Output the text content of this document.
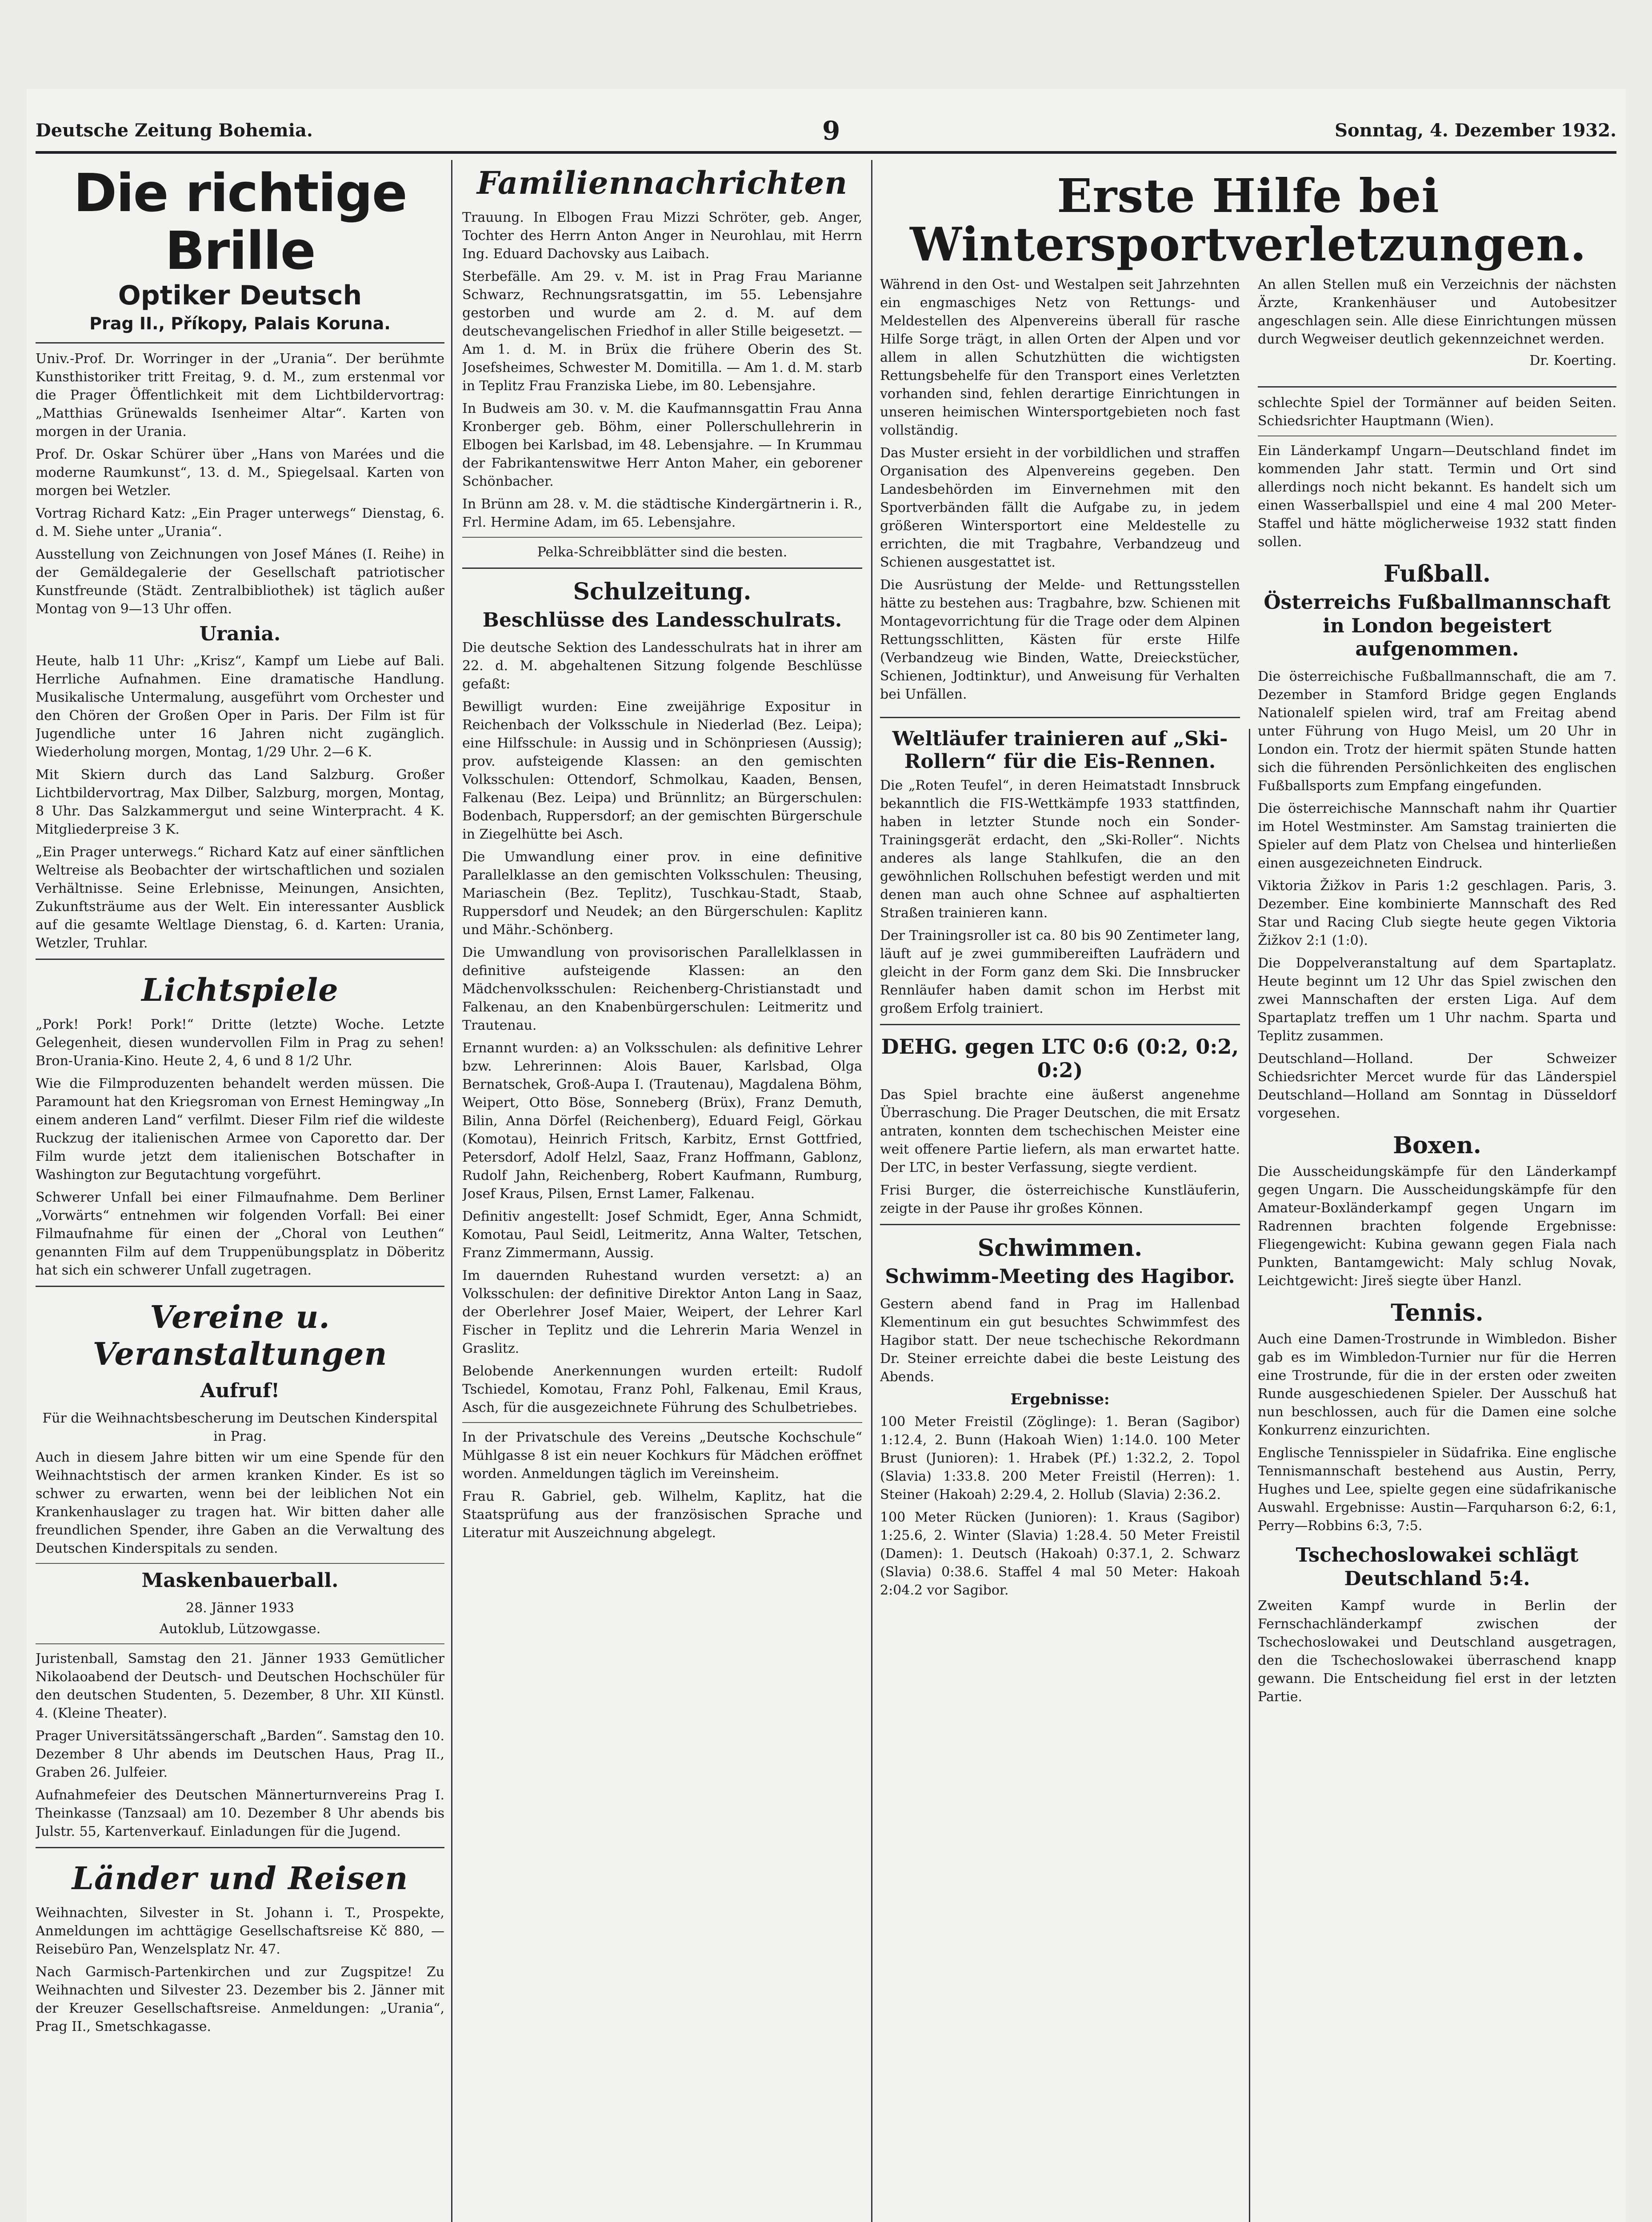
Deutsche Zeitung Bohemia.	9	Sonntag, 4. Dezember 1932.
Die richtige Brille

Optiker Deutsch

Prag II., Příkopy, Palais Koruna.

Univ.-Prof. Dr. Worringer in der „Urania“. Der berühmte Kunsthistoriker tritt Freitag, 9. d. M., zum erstenmal vor die Prager Öffentlichkeit mit dem Lichtbildervortrag: „Matthias Grünewalds Isenheimer Altar“. Karten von morgen in der Urania.

Prof. Dr. Oskar Schürer über „Hans von Marées und die moderne Raumkunst“, 13. d. M., Spiegelsaal. Karten von morgen bei Wetzler.

Vortrag Richard Katz: „Ein Prager unterwegs“ Dienstag, 6. d. M. Siehe unter „Urania“.

Ausstellung von Zeichnungen von Josef Mánes (I. Reihe) in der Gemäldegalerie der Gesellschaft patriotischer Kunstfreunde (Städt. Zentralbibliothek) ist täglich außer Montag von 9—13 Uhr offen.

Urania.

Heute, halb 11 Uhr: „Krisz“, Kampf um Liebe auf Bali. Herrliche Aufnahmen. Eine dramatische Handlung. Musikalische Untermalung, ausgeführt vom Orchester und den Chören der Großen Oper in Paris. Der Film ist für Jugendliche unter 16 Jahren nicht zugänglich. Wiederholung morgen, Montag, 1/29 Uhr. 2—6 K.

Mit Skiern durch das Land Salzburg. Großer Lichtbildervortrag, Max Dilber, Salzburg, morgen, Montag, 8 Uhr. Das Salzkammergut und seine Winterpracht. 4 K. Mitgliederpreise 3 K.

„Ein Prager unterwegs.“ Richard Katz auf einer sänftlichen Weltreise als Beobachter der wirtschaftlichen und sozialen Verhältnisse. Seine Erlebnisse, Meinungen, Ansichten, Zukunftsträume aus der Welt. Ein interessanter Ausblick auf die gesamte Weltlage Dienstag, 6. d. Karten: Urania, Wetzler, Truhlar.

Lichtspiele

„Pork! Pork! Pork!“ Dritte (letzte) Woche. Letzte Gelegenheit, diesen wundervollen Film in Prag zu sehen! Bron-Urania-Kino. Heute 2, 4, 6 und 8 1/2 Uhr.

Wie die Filmproduzenten behandelt werden müssen. Die Paramount hat den Kriegsroman von Ernest Hemingway „In einem anderen Land“ verfilmt. Dieser Film rief die wildeste Ruckzug der italienischen Armee von Caporetto dar. Der Film wurde jetzt dem italienischen Botschafter in Washington zur Begutachtung vorgeführt.

Schwerer Unfall bei einer Filmaufnahme. Dem Berliner „Vorwärts“ entnehmen wir folgenden Vorfall: Bei einer Filmaufnahme für einen der „Choral von Leuthen“ genannten Film auf dem Truppenübungsplatz in Döberitz hat sich ein schwerer Unfall zugetragen.

Vereine u. Veranstaltungen
Aufruf!

Für die Weihnachtsbescherung im Deutschen Kinderspital in Prag.

Auch in diesem Jahre bitten wir um eine Spende für den Weihnachtstisch der armen kranken Kinder. Es ist so schwer zu erwarten, wenn bei der leiblichen Not ein Krankenhauslager zu tragen hat. Wir bitten daher alle freundlichen Spender, ihre Gaben an die Verwaltung des Deutschen Kinderspitals zu senden.

Maskenbauerball.

28. Jänner 1933

Autoklub, Lützowgasse.

Juristenball, Samstag den 21. Jänner 1933 Gemütlicher Nikolaoabend der Deutsch- und Deutschen Hochschüler für den deutschen Studenten, 5. Dezember, 8 Uhr. XII Künstl. 4. (Kleine Theater).

Prager Universitätssängerschaft „Barden“. Samstag den 10. Dezember 8 Uhr abends im Deutschen Haus, Prag II., Graben 26. Julfeier.

Aufnahmefeier des Deutschen Männerturnvereins Prag I. Theinkasse (Tanzsaal) am 10. Dezember 8 Uhr abends bis Julstr. 55, Kartenverkauf. Einladungen für die Jugend.

Länder und Reisen

Weihnachten, Silvester in St. Johann i. T., Prospekte, Anmeldungen im achttägige Gesellschaftsreise Kč 880, — Reisebüro Pan, Wenzelsplatz Nr. 47.

Nach Garmisch-Partenkirchen und zur Zugspitze! Zu Weihnachten und Silvester 23. Dezember bis 2. Jänner mit der Kreuzer Gesellschaftsreise. Anmeldungen: „Urania“, Prag II., Smetschkagasse.

Erste Hilfe bei Wintersportverletzungen.
Familiennachrichten

Trauung. In Elbogen Frau Mizzi Schröter, geb. Anger, Tochter des Herrn Anton Anger in Neurohlau, mit Herrn Ing. Eduard Dachovsky aus Laibach.

Sterbefälle. Am 29. v. M. ist in Prag Frau Marianne Schwarz, Rechnungsratsgattin, im 55. Lebensjahre gestorben und wurde am 2. d. M. auf dem deutschevangelischen Friedhof in aller Stille beigesetzt. — Am 1. d. M. in Brüx die frühere Oberin des St. Josefsheimes, Schwester M. Domitilla. — Am 1. d. M. starb in Teplitz Frau Franziska Liebe, im 80. Lebensjahre.

In Budweis am 30. v. M. die Kaufmannsgattin Frau Anna Kronberger geb. Böhm, einer Pollerschullehrerin in Elbogen bei Karlsbad, im 48. Lebensjahre. — In Krummau der Fabrikantenswitwe Herr Anton Maher, ein geborener Schönbacher.

In Brünn am 28. v. M. die städtische Kindergärtnerin i. R., Frl. Hermine Adam, im 65. Lebensjahre.

Pelka-Schreibblätter sind die besten.

Schulzeitung.
Beschlüsse des Landesschulrats.

Die deutsche Sektion des Landesschulrats hat in ihrer am 22. d. M. abgehaltenen Sitzung folgende Beschlüsse gefaßt:

Bewilligt wurden: Eine zweijährige Expositur in Reichenbach der Volksschule in Niederlad (Bez. Leipa); eine Hilfsschule: in Aussig und in Schönpriesen (Aussig); prov. aufsteigende Klassen: an den gemischten Volksschulen: Ottendorf, Schmolkau, Kaaden, Bensen, Falkenau (Bez. Leipa) und Brünnlitz; an Bürgerschulen: Bodenbach, Ruppersdorf; an der gemischten Bürgerschule in Ziegelhütte bei Asch.

Die Umwandlung einer prov. in eine definitive Parallelklasse an den gemischten Volksschulen: Theusing, Mariaschein (Bez. Teplitz), Tuschkau-Stadt, Staab, Ruppersdorf und Neudek; an den Bürgerschulen: Kaplitz und Mähr.-Schönberg.

Die Umwandlung von provisorischen Parallelklassen in definitive aufsteigende Klassen: an den Mädchenvolksschulen: Reichenberg-Christianstadt und Falkenau, an den Knabenbürgerschulen: Leitmeritz und Trautenau.

Ernannt wurden: a) an Volksschulen: als definitive Lehrer bzw. Lehrerinnen: Alois Bauer, Karlsbad, Olga Bernatschek, Groß-Aupa I. (Trautenau), Magdalena Böhm, Weipert, Otto Böse, Sonneberg (Brüx), Franz Demuth, Bilin, Anna Dörfel (Reichenberg), Eduard Feigl, Görkau (Komotau), Heinrich Fritsch, Karbitz, Ernst Gottfried, Petersdorf, Adolf Helzl, Saaz, Franz Hoffmann, Gablonz, Rudolf Jahn, Reichenberg, Robert Kaufmann, Rumburg, Josef Kraus, Pilsen, Ernst Lamer, Falkenau.

Definitiv angestellt: Josef Schmidt, Eger, Anna Schmidt, Komotau, Paul Seidl, Leitmeritz, Anna Walter, Tetschen, Franz Zimmermann, Aussig.

Im dauernden Ruhestand wurden versetzt: a) an Volksschulen: der definitive Direktor Anton Lang in Saaz, der Oberlehrer Josef Maier, Weipert, der Lehrer Karl Fischer in Teplitz und die Lehrerin Maria Wenzel in Graslitz.

Belobende Anerkennungen wurden erteilt: Rudolf Tschiedel, Komotau, Franz Pohl, Falkenau, Emil Kraus, Asch, für die ausgezeichnete Führung des Schulbetriebes.

In der Privatschule des Vereins „Deutsche Kochschule“ Mühlgasse 8 ist ein neuer Kochkurs für Mädchen eröffnet worden. Anmeldungen täglich im Vereinsheim.

Frau R. Gabriel, geb. Wilhelm, Kaplitz, hat die Staatsprüfung aus der französischen Sprache und Literatur mit Auszeichnung abgelegt.

Während in den Ost- und Westalpen seit Jahrzehnten ein engmaschiges Netz von Rettungs- und Meldestellen des Alpenvereins überall für rasche Hilfe Sorge trägt, in allen Orten der Alpen und vor allem in allen Schutzhütten die wichtigsten Rettungsbehelfe für den Transport eines Verletzten vorhanden sind, fehlen derartige Einrichtungen in unseren heimischen Wintersportgebieten noch fast vollständig.

Das Muster ersieht in der vorbildlichen und straffen Organisation des Alpenvereins gegeben. Den Landesbehörden im Einvernehmen mit den Sportverbänden fällt die Aufgabe zu, in jedem größeren Wintersportort eine Meldestelle zu errichten, die mit Tragbahre, Verbandzeug und Schienen ausgestattet ist.

Die Ausrüstung der Melde- und Rettungsstellen hätte zu bestehen aus: Tragbahre, bzw. Schienen mit Montagevorrichtung für die Trage oder dem Alpinen Rettungsschlitten, Kästen für erste Hilfe (Verbandzeug wie Binden, Watte, Dreieckstücher, Schienen, Jodtinktur), und Anweisung für Verhalten bei Unfällen.

Weltläufer trainieren auf „Ski-Rollern“ für die Eis-Rennen.

Die „Roten Teufel“, in deren Heimatstadt Innsbruck bekanntlich die FIS-Wettkämpfe 1933 stattfinden, haben in letzter Stunde noch ein Sonder-Trainingsgerät erdacht, den „Ski-Roller“. Nichts anderes als lange Stahlkufen, die an den gewöhnlichen Rollschuhen befestigt werden und mit denen man auch ohne Schnee auf asphaltierten Straßen trainieren kann.

Der Trainingsroller ist ca. 80 bis 90 Zentimeter lang, läuft auf je zwei gummibereiften Laufrädern und gleicht in der Form ganz dem Ski. Die Innsbrucker Rennläufer haben damit schon im Herbst mit großem Erfolg trainiert.

DEHG. gegen LTC 0:6 (0:2, 0:2, 0:2)

Das Spiel brachte eine äußerst angenehme Überraschung. Die Prager Deutschen, die mit Ersatz antraten, konnten dem tschechischen Meister eine weit offenere Partie liefern, als man erwartet hatte. Der LTC, in bester Verfassung, siegte verdient.

Frisi Burger, die österreichische Kunstläuferin, zeigte in der Pause ihr großes Können.

Schwimmen.
Schwimm-Meeting des Hagibor.

Gestern abend fand in Prag im Hallenbad Klementinum ein gut besuchtes Schwimmfest des Hagibor statt. Der neue tschechische Rekordmann Dr. Steiner erreichte dabei die beste Leistung des Abends.

Ergebnisse:

100 Meter Freistil (Zöglinge): 1. Beran (Sagibor) 1:12.4, 2. Bunn (Hakoah Wien) 1:14.0. 100 Meter Brust (Junioren): 1. Hrabek (Pf.) 1:32.2, 2. Topol (Slavia) 1:33.8. 200 Meter Freistil (Herren): 1. Steiner (Hakoah) 2:29.4, 2. Hollub (Slavia) 2:36.2.

100 Meter Rücken (Junioren): 1. Kraus (Sagibor) 1:25.6, 2. Winter (Slavia) 1:28.4. 50 Meter Freistil (Damen): 1. Deutsch (Hakoah) 0:37.1, 2. Schwarz (Slavia) 0:38.6. Staffel 4 mal 50 Meter: Hakoah 2:04.2 vor Sagibor.

An allen Stellen muß ein Verzeichnis der nächsten Ärzte, Krankenhäuser und Autobesitzer angeschlagen sein. Alle diese Einrichtungen müssen durch Wegweiser deutlich gekennzeichnet werden.

Dr. Koerting.

schlechte Spiel der Tormänner auf beiden Seiten. Schiedsrichter Hauptmann (Wien).

Ein Länderkampf Ungarn—Deutschland findet im kommenden Jahr statt. Termin und Ort sind allerdings noch nicht bekannt. Es handelt sich um einen Wasserballspiel und eine 4 mal 200 Meter-Staffel und hätte möglicherweise 1932 statt finden sollen.

Fußball.
Österreichs Fußballmannschaft in London begeistert aufgenommen.

Die österreichische Fußballmannschaft, die am 7. Dezember in Stamford Bridge gegen Englands Nationalelf spielen wird, traf am Freitag abend unter Führung von Hugo Meisl, um 20 Uhr in London ein. Trotz der hiermit späten Stunde hatten sich die führenden Persönlichkeiten des englischen Fußballsports zum Empfang eingefunden.

Die österreichische Mannschaft nahm ihr Quartier im Hotel Westminster. Am Samstag trainierten die Spieler auf dem Platz von Chelsea und hinterließen einen ausgezeichneten Eindruck.

Viktoria Žižkov in Paris 1:2 geschlagen. Paris, 3. Dezember. Eine kombinierte Mannschaft des Red Star und Racing Club siegte heute gegen Viktoria Žižkov 2:1 (1:0).

Die Doppelveranstaltung auf dem Spartaplatz. Heute beginnt um 12 Uhr das Spiel zwischen den zwei Mannschaften der ersten Liga. Auf dem Spartaplatz treffen um 1 Uhr nachm. Sparta und Teplitz zusammen.

Deutschland—Holland. Der Schweizer Schiedsrichter Mercet wurde für das Länderspiel Deutschland—Holland am Sonntag in Düsseldorf vorgesehen.

Boxen.

Die Ausscheidungskämpfe für den Länderkampf gegen Ungarn. Die Ausscheidungskämpfe für den Amateur-Boxländerkampf gegen Ungarn im Radrennen brachten folgende Ergebnisse: Fliegengewicht: Kubina gewann gegen Fiala nach Punkten, Bantamgewicht: Maly schlug Novak, Leichtgewicht: Jireš siegte über Hanzl.

Tennis.

Auch eine Damen-Trostrunde in Wimbledon. Bisher gab es im Wimbledon-Turnier nur für die Herren eine Trostrunde, für die in der ersten oder zweiten Runde ausgeschiedenen Spieler. Der Ausschuß hat nun beschlossen, auch für die Damen eine solche Konkurrenz einzurichten.

Englische Tennisspieler in Südafrika. Eine englische Tennismannschaft bestehend aus Austin, Perry, Hughes und Lee, spielte gegen eine südafrikanische Auswahl. Ergebnisse: Austin—Farquharson 6:2, 6:1, Perry—Robbins 6:3, 7:5.

Tschechoslowakei schlägt Deutschland 5:4.

Zweiten Kampf wurde in Berlin der Fernschachländerkampf zwischen der Tschechoslowakei und Deutschland ausgetragen, den die Tschechoslowakei überraschend knapp gewann. Die Entscheidung fiel erst in der letzten Partie.
